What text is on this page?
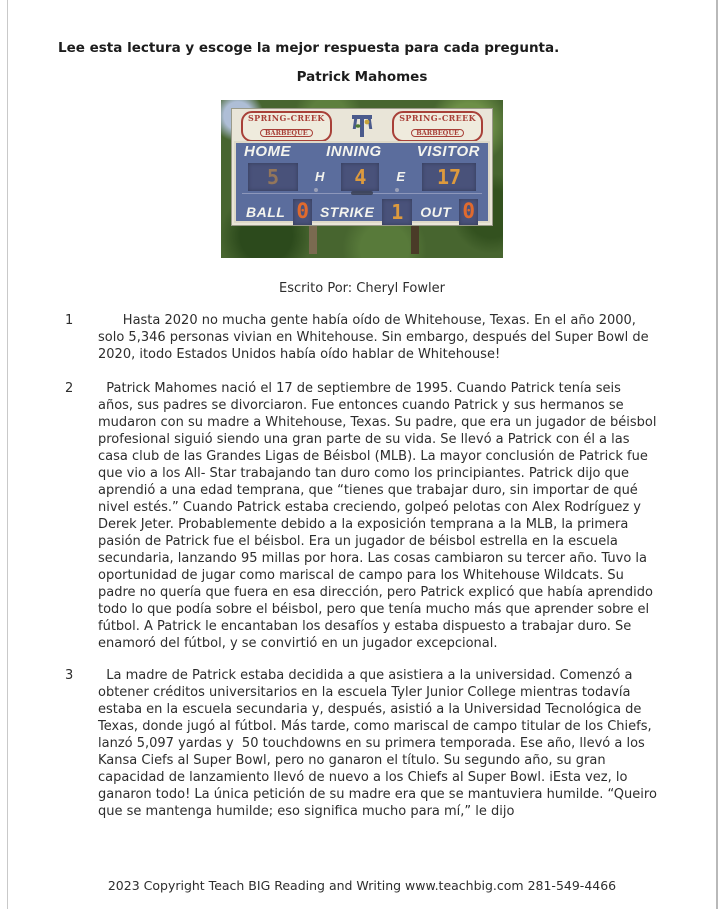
Lee esta lectura y escoge la mejor respuesta para cada pregunta.
Patrick Mahomes
SPRING-CREEK
BARBEQUE
SPRING-CREEK
BARBEQUE
HOME INNING VISITOR
5	H 4 E 17
BALL 0 STRIKE 1 OUT 0
Escrito Por: Cheryl Fowler
1	Hasta 2020 no mucha gente había oído de Whitehouse, Texas. En el año 2000, solo 5,346 personas vivian en Whitehouse. Sin embargo, después del Super Bowl de 2020, itodo Estados Unidos había oído hablar de Whitehouse!
2	Patrick Mahomes nació el 17 de septiembre de 1995. Cuando Patrick tenía seis años, sus padres se divorciaron. Fue entonces cuando Patrick y sus hermanos se mudaron con su madre a Whitehouse, Texas. Su padre, que era un jugador de béisbol profesional siguió siendo una gran parte de su vida. Se llevó a Patrick con él a las casa club de las Grandes Ligas de Béisbol (MLB). La mayor conclusión de Patrick fue que vio a los All- Star trabajando tan duro como los principiantes. Patrick dijo que aprendió a una edad temprana, que “tienes que trabajar duro, sin importar de qué nivel estés.” Cuando Patrick estaba creciendo, golpeó pelotas con Alex Rodríguez y Derek Jeter. Probablemente debido a la exposición temprana a la MLB, la primera pasión de Patrick fue el béisbol. Era un jugador de béisbol estrella en la escuela secundaria, lanzando 95 millas por hora. Las cosas cambiaron su tercer año. Tuvo la oportunidad de jugar como mariscal de campo para los Whitehouse Wildcats. Su padre no quería que fuera en esa dirección, pero Patrick explicó que había aprendido todo lo que podía sobre el béisbol, pero que tenía mucho más que aprender sobre el fútbol. A Patrick le encantaban los desafíos y estaba dispuesto a trabajar duro. Se enamoró del fútbol, y se convirtió en un jugador excepcional.
3	La madre de Patrick estaba decidida a que asistiera a la universidad. Comenzó a obtener créditos universitarios en la escuela Tyler Junior College mientras todavía estaba en la escuela secundaria y, después, asistió a la Universidad Tecnológica de Texas, donde jugó al fútbol. Más tarde, como mariscal de campo titular de los Chiefs, lanzó 5,097 yardas y  50 touchdowns en su primera temporada. Ese año, llevó a los Kansa Ciefs al Super Bowl, pero no ganaron el título. Su segundo año, su gran capacidad de lanzamiento llevó de nuevo a los Chiefs al Super Bowl. iEsta vez, lo ganaron todo! La única petición de su madre era que se mantuviera humilde. “Queiro que se mantenga humilde; eso significa mucho para mí,” le dijo
2023 Copyright Teach BIG Reading and Writing www.teachbig.com 281-549-4466
